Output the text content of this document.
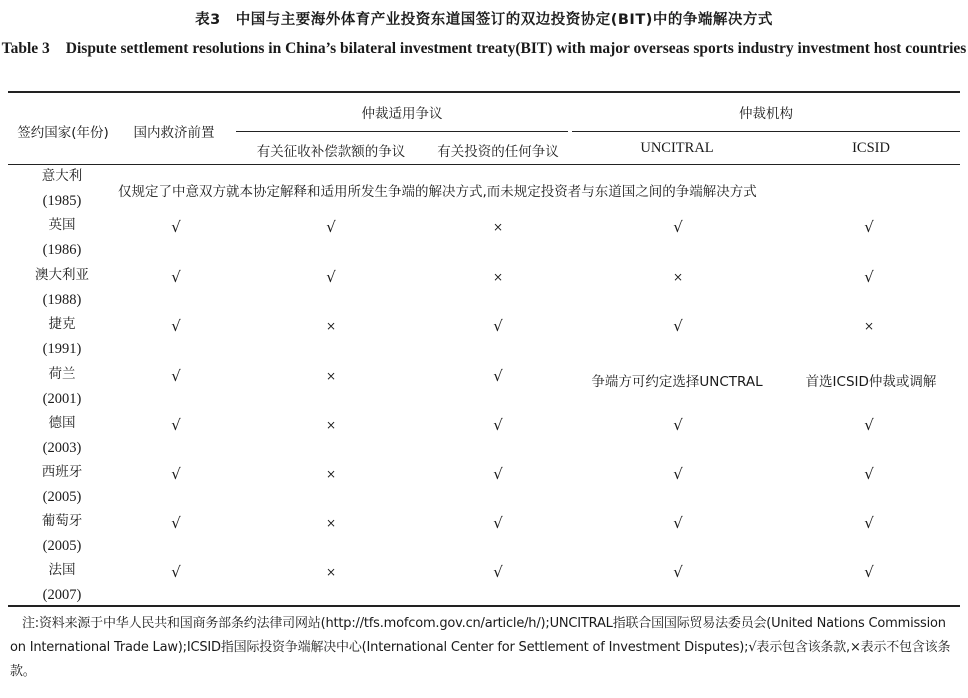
表3　中国与主要海外体育产业投资东道国签订的双边投资协定(BIT)中的争端解决方式
Table 3 Dispute settlement resolutions in China’s bilateral investment treaty(BIT) with major overseas sports industry investment host countries
签约国家(年份)	国内救济前置
仲裁适用争议
有关征收补偿款额的争议	有关投资的任何争议
仲裁机构
UNCITRAL	ICSID
意大利
(1985)
仅规定了中意双方就本协定解释和适用所发生争端的解决方式,而未规定投资者与东道国之间的争端解决方式
英国
(1986)
√	√	×	√	√
澳大利亚
(1988)
√	√	×	×	√
捷克
(1991)
√	×	√	√	×
荷兰
(2001)
√	×	√	争端方可约定选择UNCTRAL	首选ICSID仲裁或调解
德国
(2003)
√	×	√	√	√
西班牙
(2005)
√	×	√	√	√
葡萄牙
(2005)
√	×	√	√	√
法国
(2007)
√	×	√	√	√
注:资料来源于中华人民共和国商务部条约法律司网站(http://tfs.mofcom.gov.cn/article/h/);UNCITRAL指联合国国际贸易法委员会(United Nations Commission on International Trade Law);ICSID指国际投资争端解决中心(International Center for Settlement of Investment Disputes);√表示包含该条款,×表示不包含该条款。
